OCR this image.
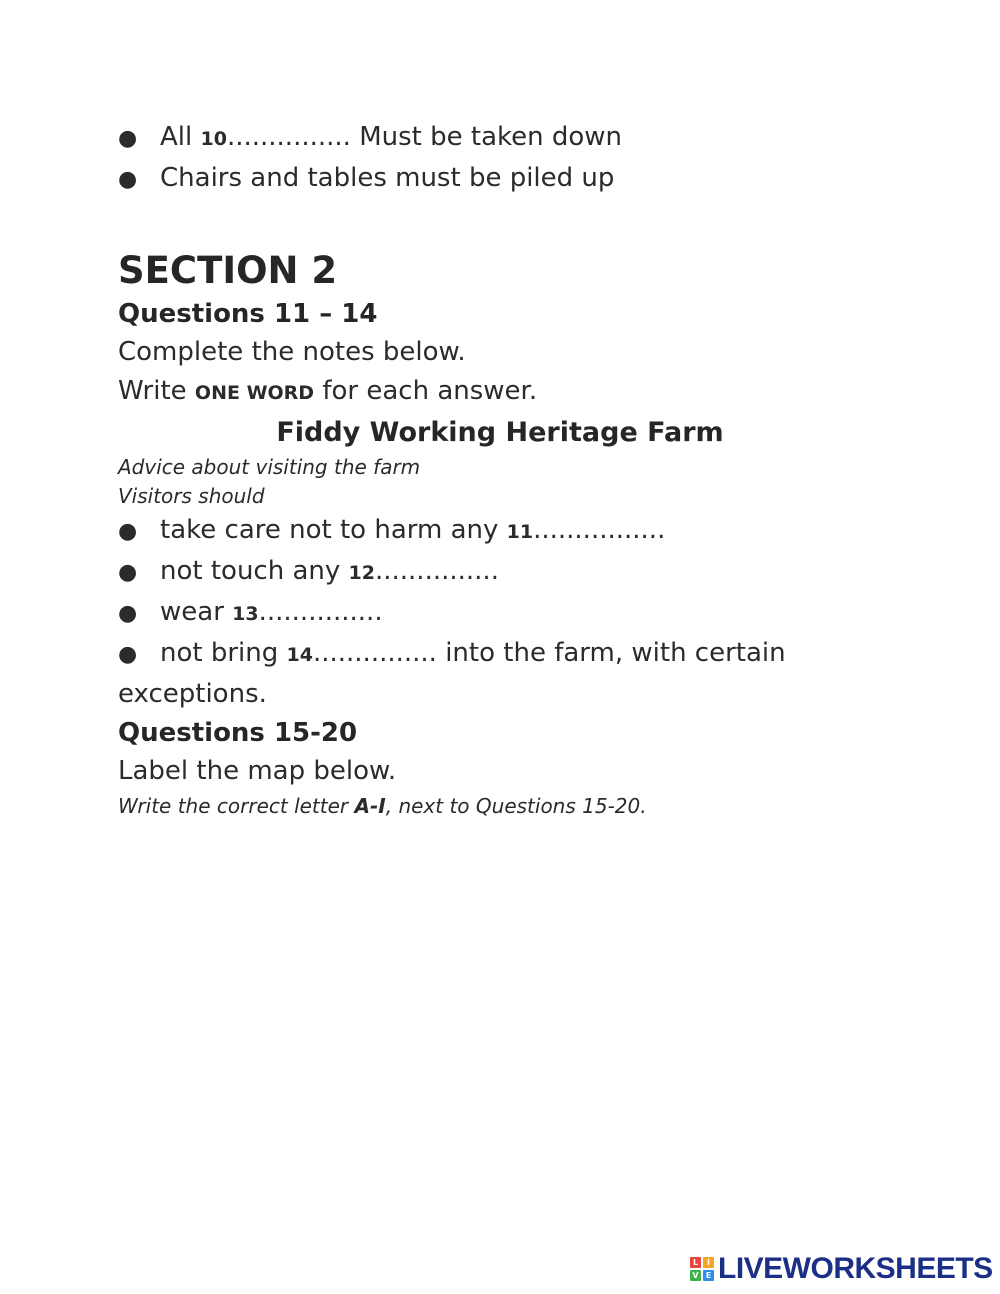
● All 10 ............... Must be taken down
● Chairs and tables must be piled up
SECTION 2
Questions 11 – 14
Complete the notes below.
Write ONE WORD for each answer.
Fiddy Working Heritage Farm
Advice about visiting the farm
Visitors should
● take care not to harm any 11 ................
● not touch any 12 ...............
● wear 13 ...............
● not bring 14 ............... into the farm, with certain
exceptions.
Questions 15-20
Label the map below.
Write the correct letter A-I, next to Questions 15-20.
L	I
V E LIVEWORKSHEETS
